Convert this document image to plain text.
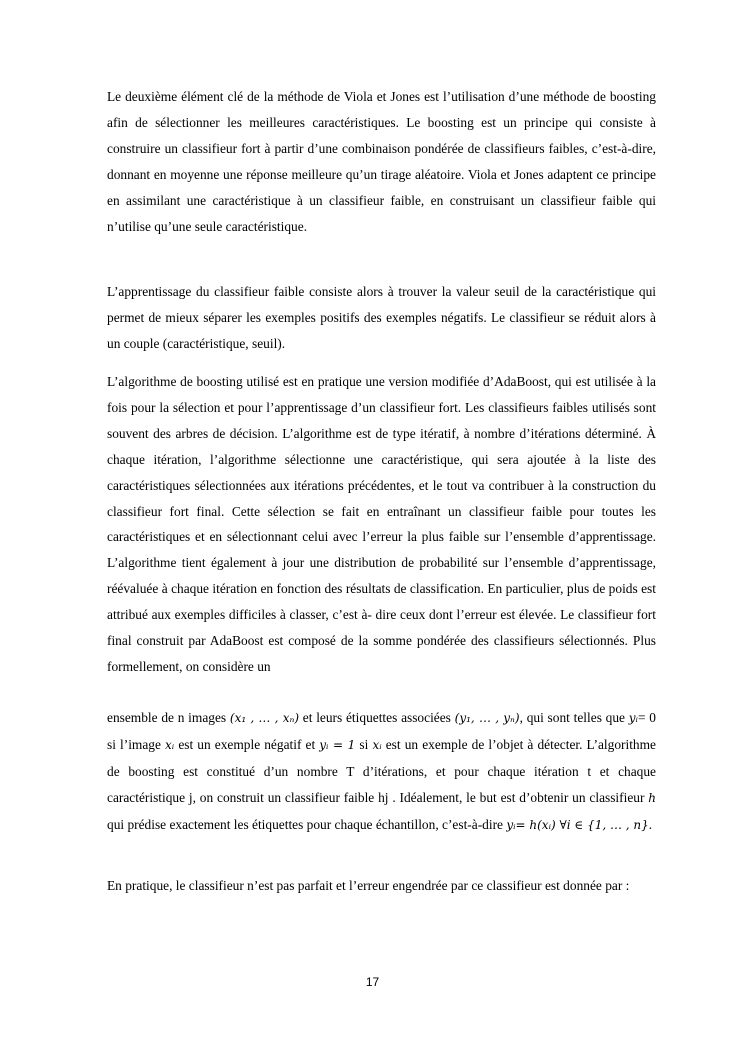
Le deuxième élément clé de la méthode de Viola et Jones est l’utilisation d’une méthode de boosting afin de sélectionner les meilleures caractéristiques. Le boosting est un principe qui consiste à construire un classifieur fort à partir d’une combinaison pondérée de classifieurs faibles, c’est-à-dire, donnant en moyenne une réponse meilleure qu’un tirage aléatoire. Viola et Jones adaptent ce principe en assimilant une caractéristique à un classifieur faible, en construisant un classifieur faible qui n’utilise qu’une seule caractéristique.

L’apprentissage du classifieur faible consiste alors à trouver la valeur seuil de la caractéristique qui permet de mieux séparer les exemples positifs des exemples négatifs. Le classifieur se réduit alors à un couple (caractéristique, seuil).

L’algorithme de boosting utilisé est en pratique une version modifiée d’AdaBoost, qui est utilisée à la fois pour la sélection et pour l’apprentissage d’un classifieur fort. Les classifieurs faibles utilisés sont souvent des arbres de décision. L’algorithme est de type itératif, à nombre d’itérations déterminé. À chaque itération, l’algorithme sélectionne une caractéristique, qui sera ajoutée à la liste des caractéristiques sélectionnées aux itérations précédentes, et le tout va contribuer à la construction du classifieur fort final. Cette sélection se fait en entraînant un classifieur faible pour toutes les caractéristiques et en sélectionnant celui avec l’erreur la plus faible sur l’ensemble d’apprentissage. L’algorithme tient également à jour une distribution de probabilité sur l’ensemble d’apprentissage, réévaluée à chaque itération en fonction des résultats de classification. En particulier, plus de poids est attribué aux exemples difficiles à classer, c’est à- dire ceux dont l’erreur est élevée. Le classifieur fort final construit par AdaBoost est composé de la somme pondérée des classifieurs sélectionnés. Plus formellement, on considère un

ensemble de n images (x₁ , … , xₙ) et leurs étiquettes associées (y₁, … , yₙ), qui sont telles que yᵢ= 0 si l’image xᵢ est un exemple négatif et yᵢ = 1 si xᵢ est un exemple de l’objet à détecter. L’algorithme de boosting est constitué d’un nombre T d’itérations, et pour chaque itération t et chaque caractéristique j, on construit un classifieur faible hj . Idéalement, le but est d’obtenir un classifieur h qui prédise exactement les étiquettes pour chaque échantillon, c’est-à-dire yᵢ= h(xᵢ) ∀i ∈ {1, … , n}.

En pratique, le classifieur n’est pas parfait et l’erreur engendrée par ce classifieur est donnée par :

17
